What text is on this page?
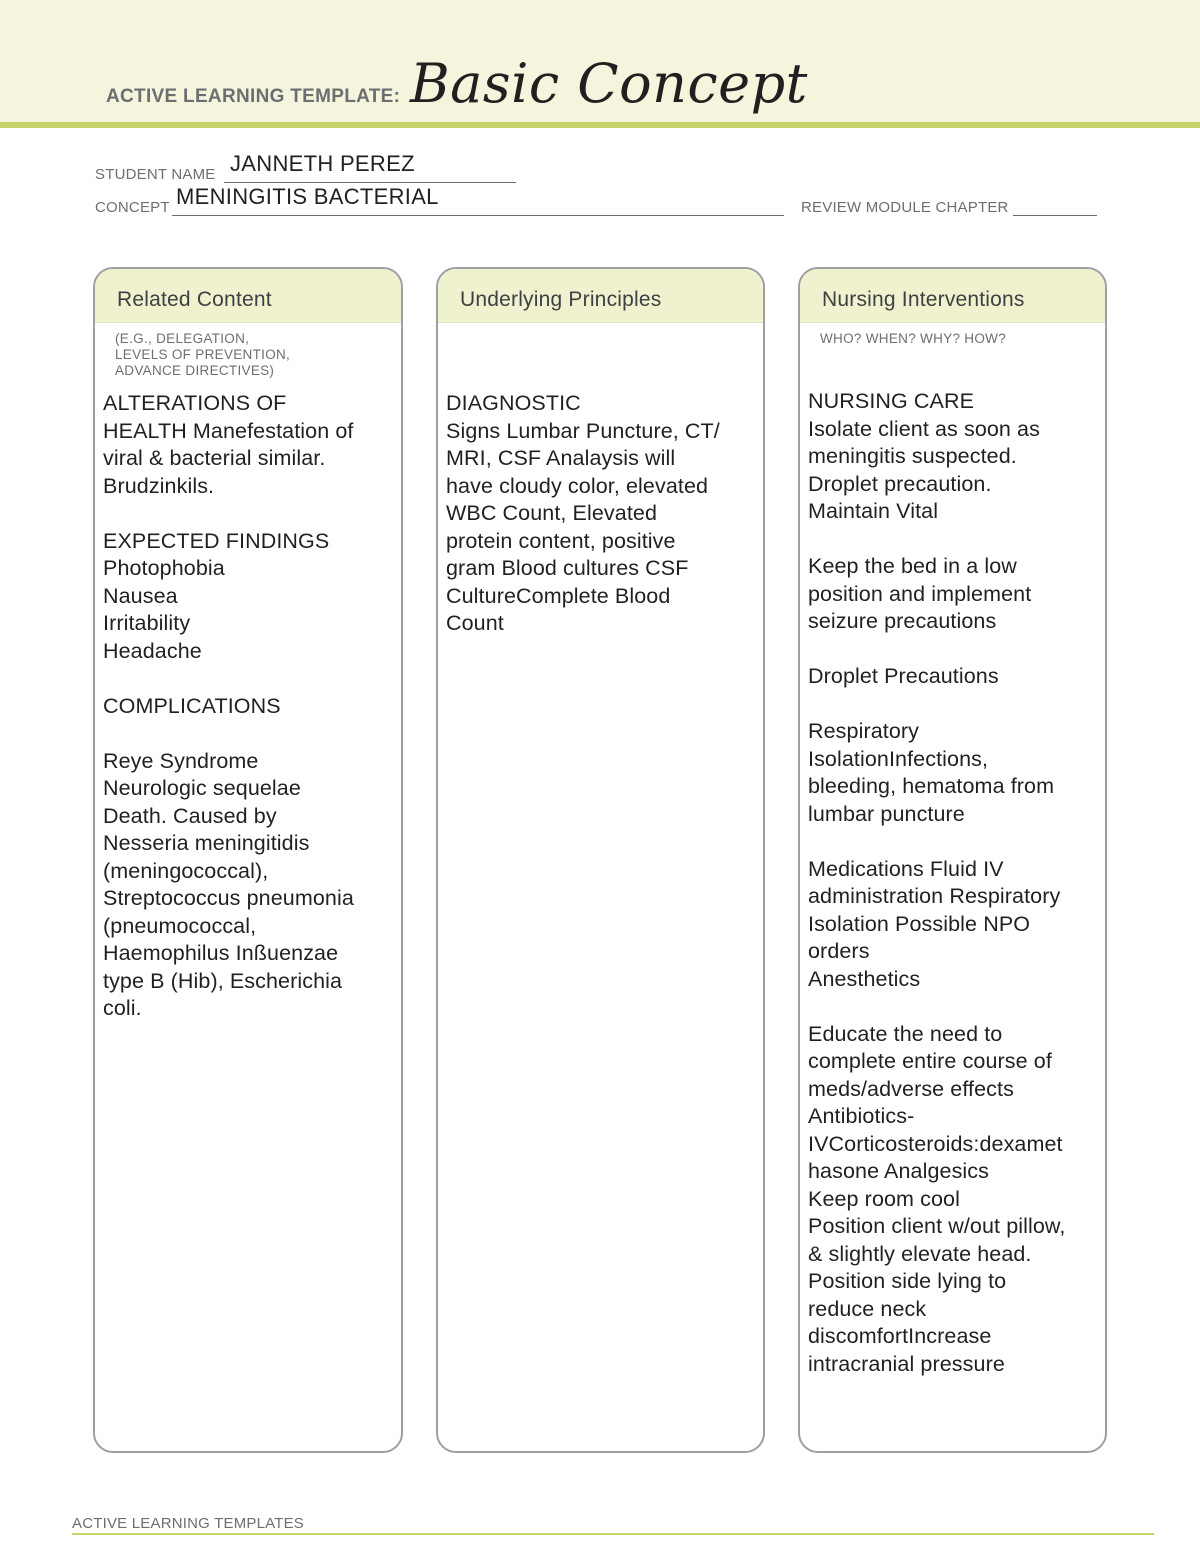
ACTIVE LEARNING TEMPLATE: Basic Concept
STUDENT NAME JANNETH PEREZ
CONCEPT MENINGITIS BACTERIAL	REVIEW MODULE CHAPTER
Related Content
(E.G., DELEGATION,
LEVELS OF PREVENTION,
ADVANCE DIRECTIVES)

ALTERATIONS OF
HEALTH Manefestation of
viral & bacterial similar.
Brudzinkils.

EXPECTED FINDINGS
Photophobia
Nausea
Irritability
Headache

COMPLICATIONS

Reye Syndrome
Neurologic sequelae
Death. Caused by
Nesseria meningitidis
(meningococcal),
Streptococcus pneumonia
(pneumococcal,
Haemophilus Inßuenzae
type B (Hib), Escherichia
coli.

Underlying Principles

DIAGNOSTIC
Signs Lumbar Puncture, CT/
MRI, CSF Analaysis will
have cloudy color, elevated
WBC Count, Elevated
protein content, positive
gram Blood cultures CSF
CultureComplete Blood
Count

Nursing Interventions
WHO? WHEN? WHY? HOW?

NURSING CARE
Isolate client as soon as
meningitis suspected.
Droplet precaution.
Maintain Vital

Keep the bed in a low
position and implement
seizure precautions

Droplet Precautions

Respiratory
IsolationInfections,
bleeding, hematoma from
lumbar puncture

Medications Fluid IV
administration Respiratory
Isolation Possible NPO
orders
Anesthetics

Educate the need to
complete entire course of
meds/adverse effects
Antibiotics-
IVCorticosteroids:dexamet
hasone Analgesics
Keep room cool
Position client w/out pillow,
& slightly elevate head.
Position side lying to
reduce neck
discomfortIncrease
intracranial pressure

ACTIVE LEARNING TEMPLATES
